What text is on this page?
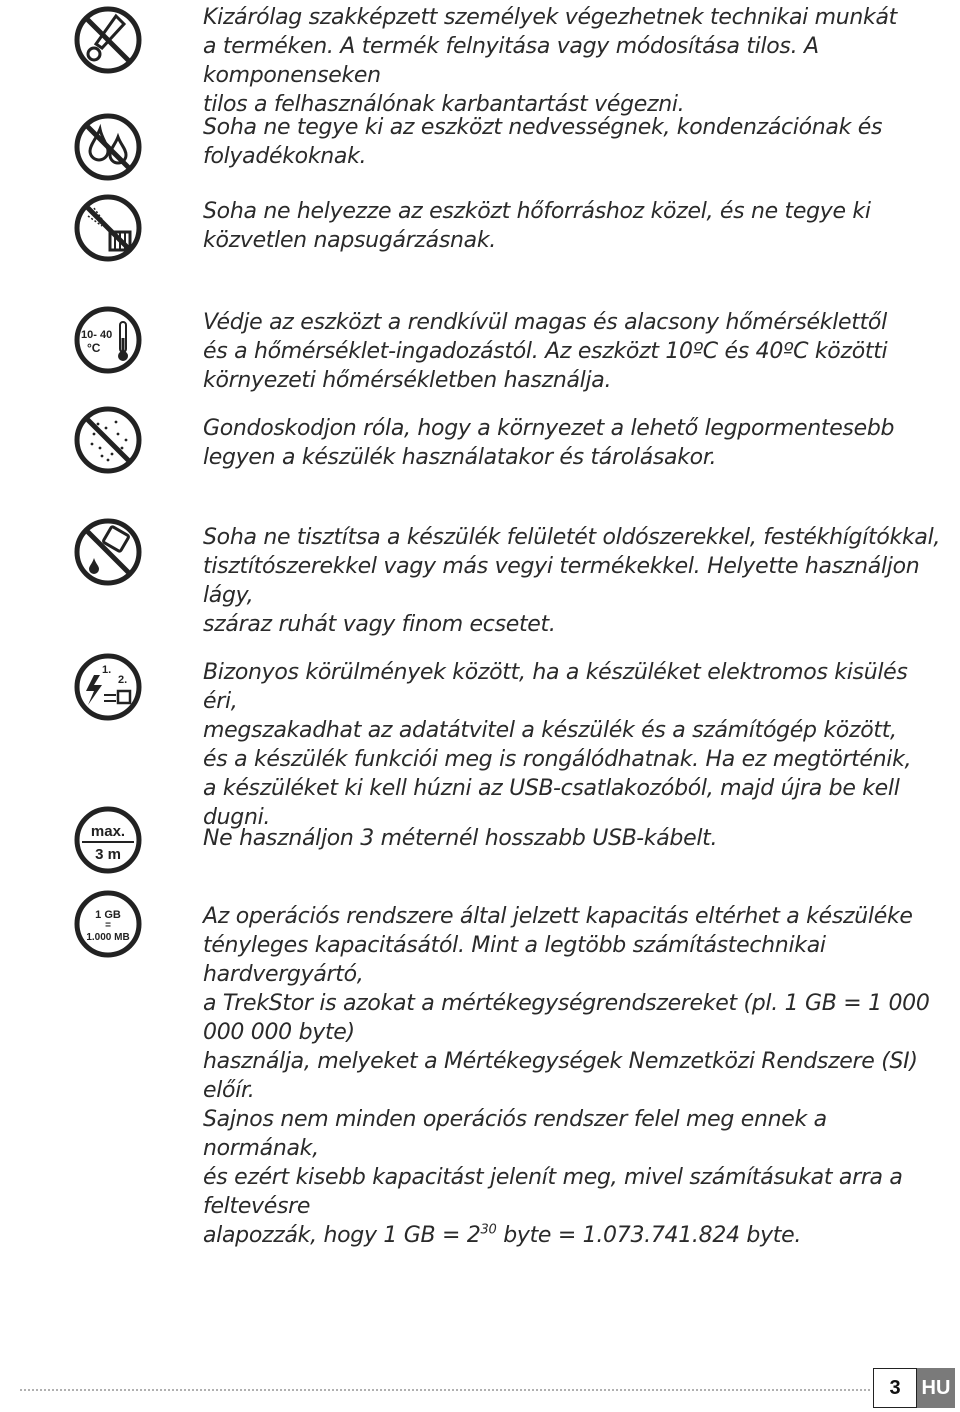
Kizárólag szakképzett személyek végezhetnek technikai munkát
a terméken. A termék felnyitása vagy módosítása tilos. A komponenseken
tilos a felhasználónak karbantartást végezni.
Soha ne tegye ki az eszközt nedvességnek, kondenzációnak és
folyadékoknak.
Soha ne helyezze az eszközt hőforráshoz közel, és ne tegye ki
közvetlen napsugárzásnak.
10- 40
°C
Védje az eszközt a rendkívül magas és alacsony hőmérséklettől
és a hőmérséklet-ingadozástól. Az eszközt 10ºC és 40ºC közötti
környezeti hőmérsékletben használja.
Gondoskodjon róla, hogy a környezet a lehető legpormentesebb
legyen a készülék használatakor és tárolásakor.
Soha ne tisztítsa a készülék felületét oldószerekkel, festékhígítókkal,
tisztítószerekkel vagy más vegyi termékekkel. Helyette használjon lágy,
száraz ruhát vagy finom ecsetet.
1.
2.	Bizonyos körülmények között, ha a készüléket elektromos kisülés éri,
megszakadhat az adatátvitel a készülék és a számítógép között,
és a készülék funkciói meg is rongálódhatnak. Ha ez megtörténik,
a készüléket ki kell húzni az USB-csatlakozóból, majd újra be kell dugni.
max.
3 m
Ne használjon 3 méternél hosszabb USB-kábelt.
1 GB
=
1.000 MB
Az operációs rendszere által jelzett kapacitás eltérhet a készüléke
tényleges kapacitásától. Mint a legtöbb számítástechnikai hardvergyártó,
a TrekStor is azokat a mértékegységrendszereket (pl. 1 GB = 1 000 000 000 byte)
használja, melyeket a Mértékegységek Nemzetközi Rendszere (SI) előír.
Sajnos nem minden operációs rendszer felel meg ennek a normának,
és ezért kisebb kapacitást jelenít meg, mivel számításukat arra a feltevésre
alapozzák, hogy 1 GB = $2^{30}$ byte = 1.073.741.824 byte.
3	HU
